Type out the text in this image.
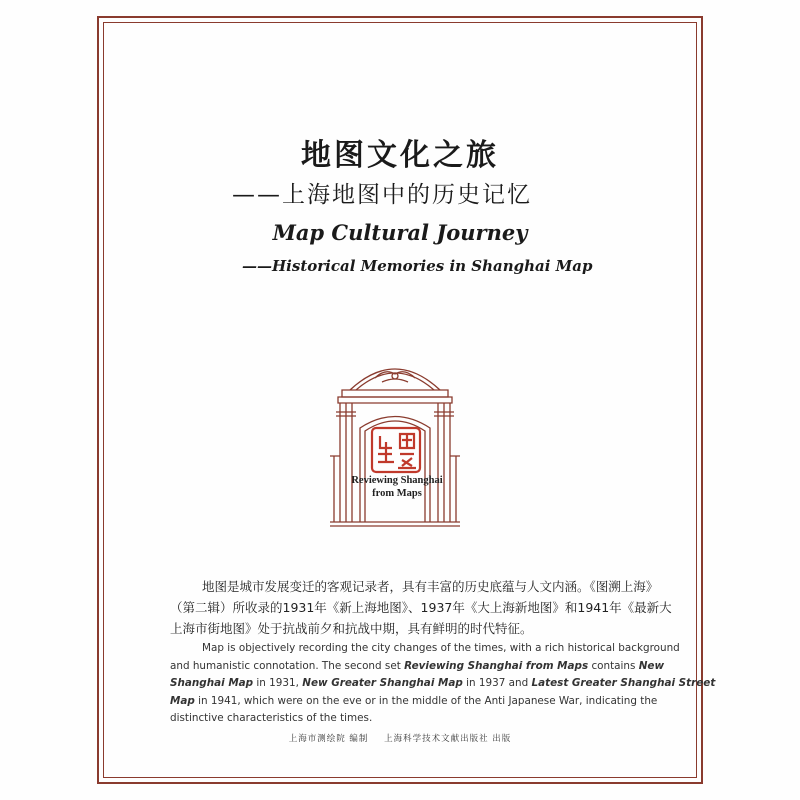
地图文化之旅
——上海地图中的历史记忆
Map Cultural Journey
——Historical Memories in Shanghai Map
Reviewing Shanghai
from Maps
地图是城市发展变迁的客观记录者，具有丰富的历史底蕴与人文内涵。《图溯上海》
（第二辑）所收录的1931年《新上海地图》、1937年《大上海新地图》和1941年《最新大
上海市街地图》处于抗战前夕和抗战中期，具有鲜明的时代特征。
Map is objectively recording the city changes of the times, with a rich historical background
and humanistic connotation. The second set Reviewing Shanghai from Maps contains New
Shanghai Map in 1931, New Greater Shanghai Map in 1937 and Latest Greater Shanghai Street
Map in 1941, which were on the eve or in the middle of the Anti Japanese War, indicating the
distinctive characteristics of the times.
上海市测绘院 编制 上海科学技术文献出版社 出版
